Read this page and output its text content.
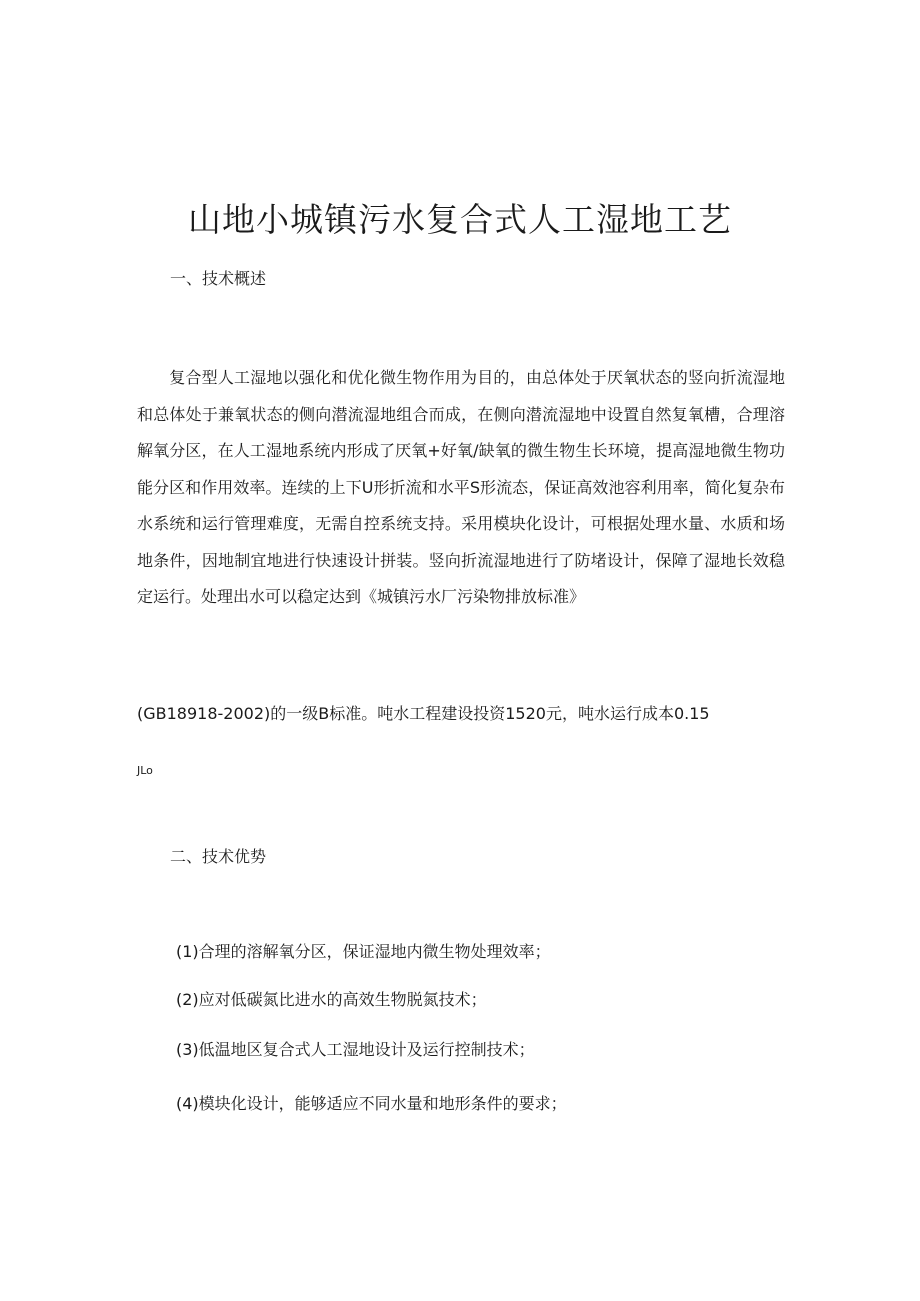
山地小城镇污水复合式人工湿地工艺
一、技术概述
复合型人工湿地以强化和优化微生物作用为目的，由总体处于厌氧状态的竖向折流湿地和总体处于兼氧状态的侧向潜流湿地组合而成，在侧向潜流湿地中设置自然复氧槽，合理溶解氧分区，在人工湿地系统内形成了厌氧+好氧/缺氧的微生物生长环境，提高湿地微生物功能分区和作用效率。连续的上下U形折流和水平S形流态，保证高效池容利用率，简化复杂布水系统和运行管理难度，无需自控系统支持。采用模块化设计，可根据处理水量、水质和场地条件，因地制宜地进行快速设计拼装。竖向折流湿地进行了防堵设计，保障了湿地长效稳定运行。处理出水可以稳定达到《城镇污水厂污染物排放标准》
(GB18918-2002)的一级B标准。吨水工程建设投资1520元，吨水运行成本0.15
JLo
二、技术优势
(1)合理的溶解氧分区，保证湿地内微生物处理效率；
(2)应对低碳氮比进水的高效生物脱氮技术；
(3)低温地区复合式人工湿地设计及运行控制技术；
(4)模块化设计，能够适应不同水量和地形条件的要求；
